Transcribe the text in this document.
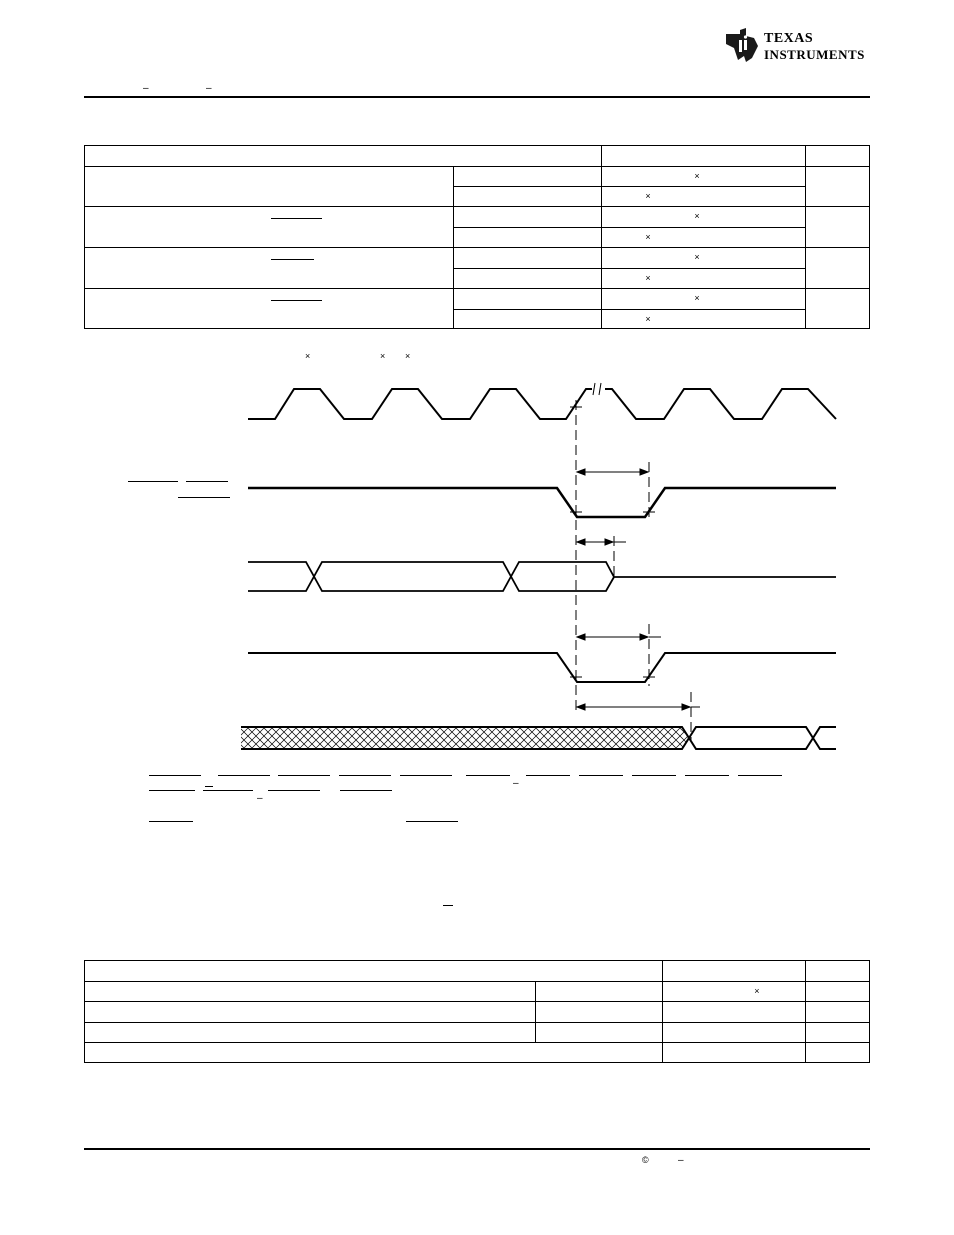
TEXAS
INSTRUMENTS
–	–

		×	

		×	

		×	

		×	

		×	

		×	

		×	

		×	
×	× ×
–
–

		×	

©	–
